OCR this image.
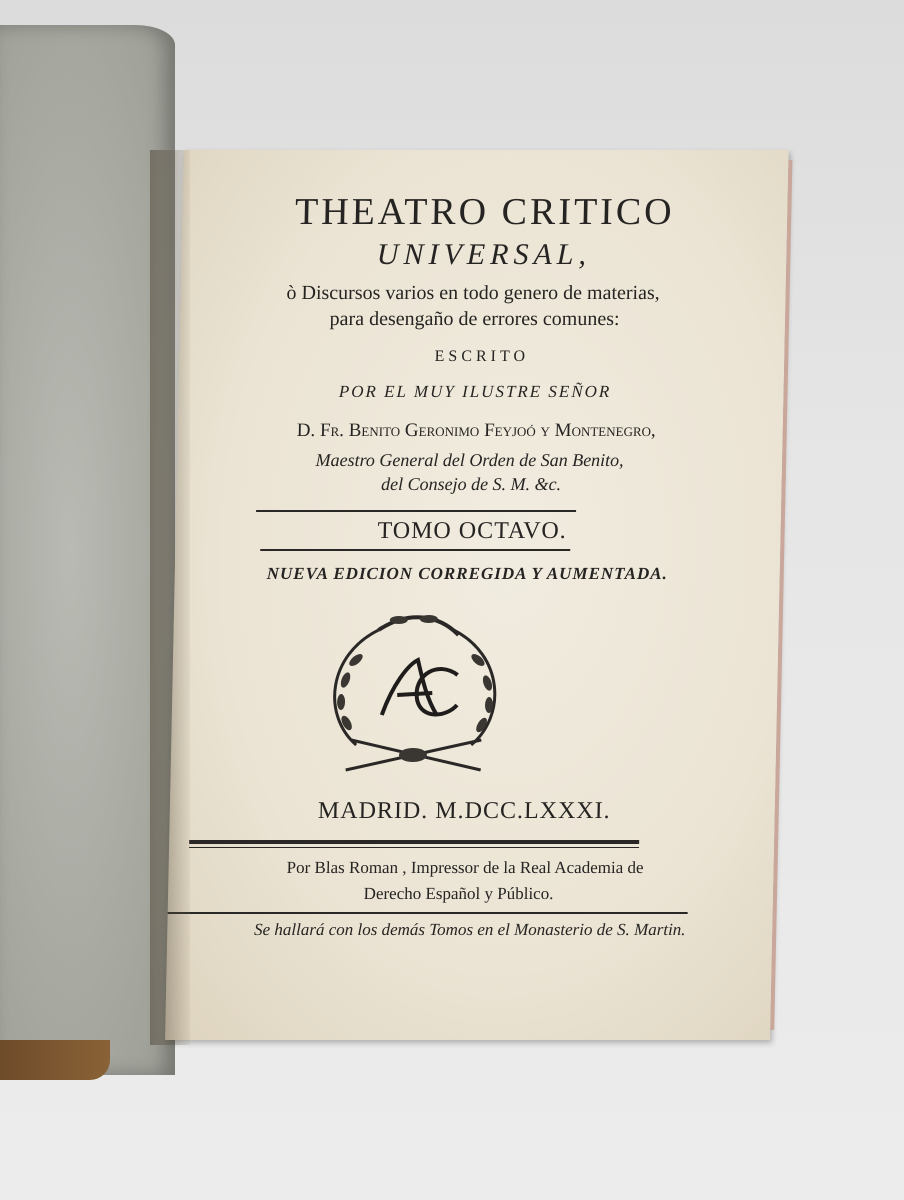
THEATRO CRITICO
UNIVERSAL,
ò Discursos varios en todo genero de materias,
para desengaño de errores comunes:
ESCRITO
POR EL MUY ILUSTRE SEÑOR
D. Fr. Benito Geronimo Feyjoó y Montenegro,
Maestro General del Orden de San Benito,
del Consejo de S. M. &c.
TOMO OCTAVO.
NUEVA EDICION CORREGIDA Y AUMENTADA.
MADRID. M.DCC.LXXXI.
Por Blas Roman , Impressor de la Real Academia de
Derecho Español y Público.
Se hallará con los demás Tomos en el Monasterio de S. Martin.
